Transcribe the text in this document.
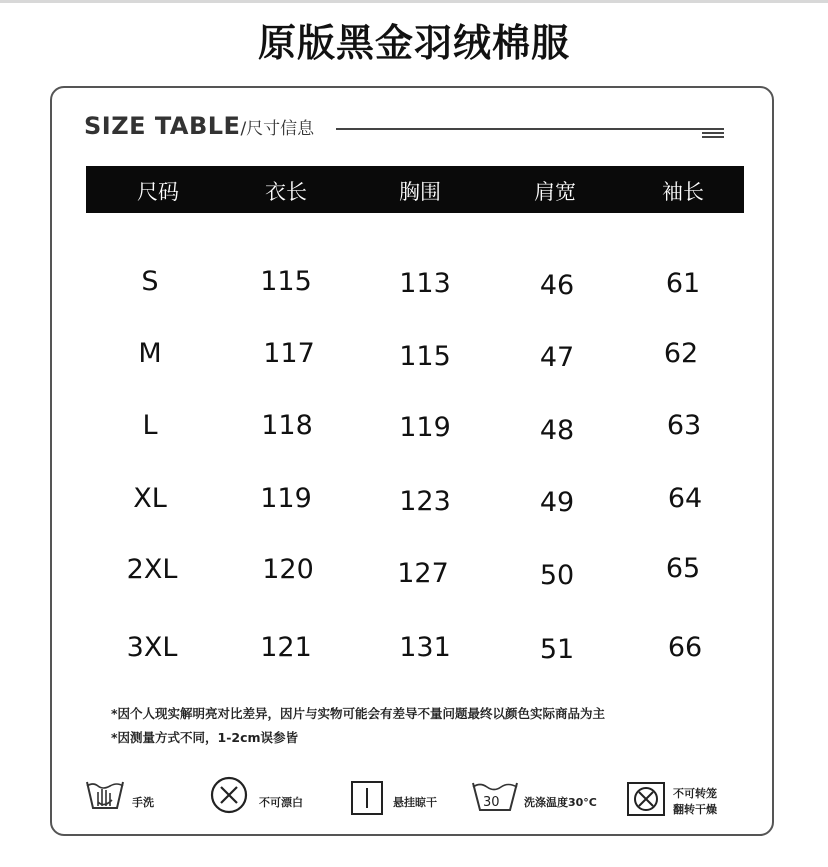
原版黑金羽绒棉服
SIZE TABLE/尺寸信息
尺码	衣长	胸围	肩宽	袖长
S	115	113	46	61
M	117	115	47	62
L	118	119	48	63
XL	119	123	49	64
2XL	120	127	50	65
3XL	121	131	51	66
*因个人现实解明亮对比差异，因片与实物可能会有差导不量问题最终以颜色实际商品为主
*因测量方式不同，1-2cm误参皆
手洗	不可漂白	悬挂晾干	30 洗涤温度30°C
不可转笼
翻转干燥
